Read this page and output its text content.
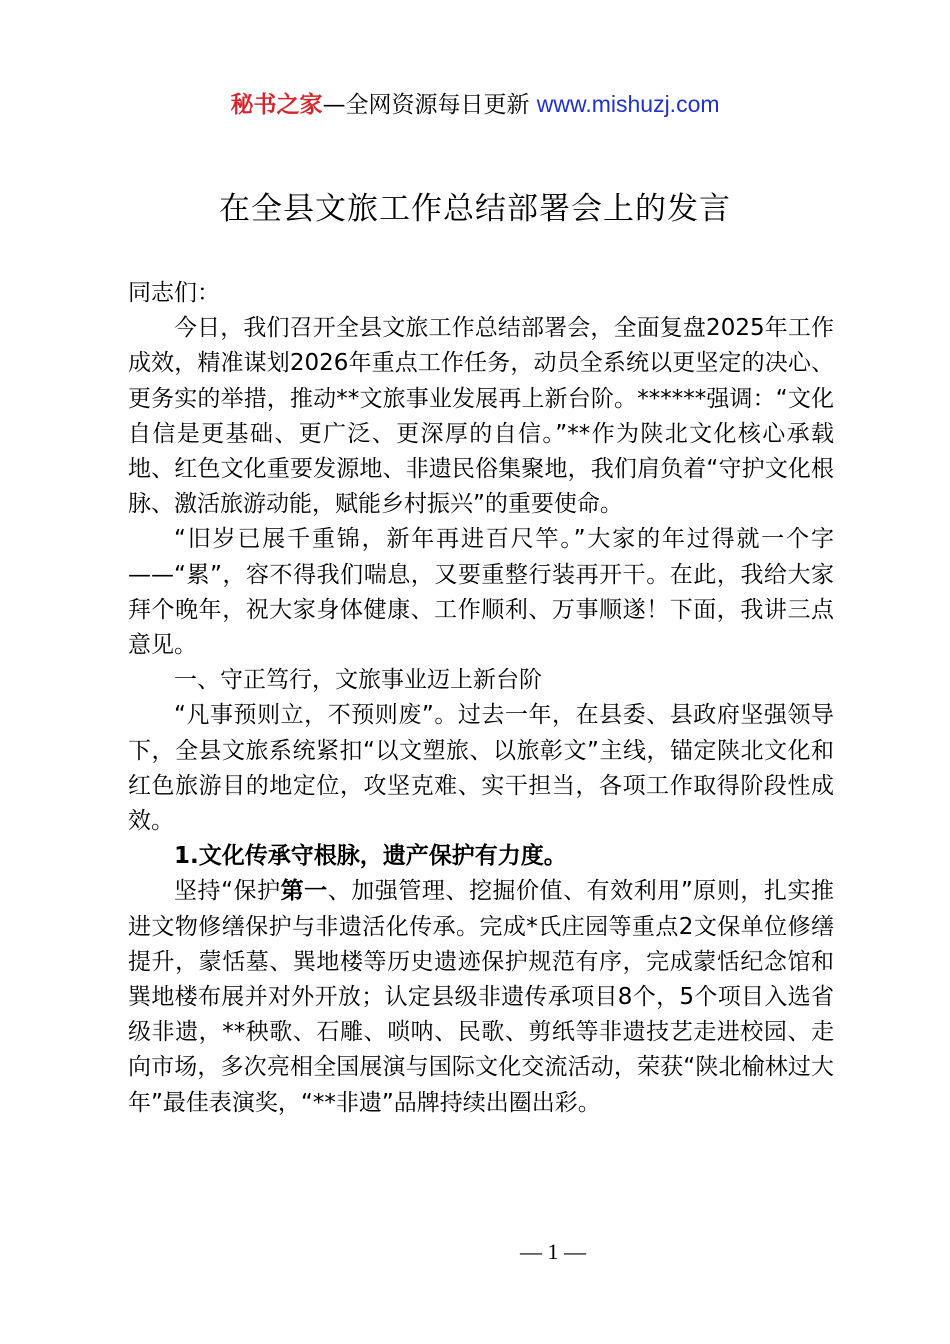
秘书之家—全网资源每日更新 www.mishuzj.com
在全县文旅工作总结部署会上的发言

同志们：

今日，我们召开全县文旅工作总结部署会，全面复盘2025年工作成效，精准谋划2026年重点工作任务，动员全系统以更坚定的决心、更务实的举措，推动**文旅事业发展再上新台阶。******强调：“文化自信是更基础、更广泛、更深厚的自信。”**作为陕北文化核心承载地、红色文化重要发源地、非遗民俗集聚地，我们肩负着“守护文化根脉、激活旅游动能，赋能乡村振兴”的重要使命。

“旧岁已展千重锦，新年再进百尺竿。”大家的年过得就一个字——“累”，容不得我们喘息，又要重整行装再开干。在此，我给大家拜个晚年，祝大家身体健康、工作顺利、万事顺遂！下面，我讲三点意见。

一、守正笃行，文旅事业迈上新台阶

“凡事预则立，不预则废”。过去一年，在县委、县政府坚强领导下，全县文旅系统紧扣“以文塑旅、以旅彰文”主线，锚定陕北文化和红色旅游目的地定位，攻坚克难、实干担当，各项工作取得阶段性成效。

1.文化传承守根脉，遗产保护有力度。

坚持“保护第一、加强管理、挖掘价值、有效利用”原则，扎实推进文物修缮保护与非遗活化传承。完成*氏庄园等重点2文保单位修缮提升，蒙恬墓、巽地楼等历史遗迹保护规范有序，完成蒙恬纪念馆和巽地楼布展并对外开放；认定县级非遗传承项目8个，5个项目入选省级非遗，**秧歌、石雕、唢呐、民歌、剪纸等非遗技艺走进校园、走向市场，多次亮相全国展演与国际文化交流活动，荣获“陕北榆林过大年”最佳表演奖，“**非遗”品牌持续出圈出彩。

— 1 —
